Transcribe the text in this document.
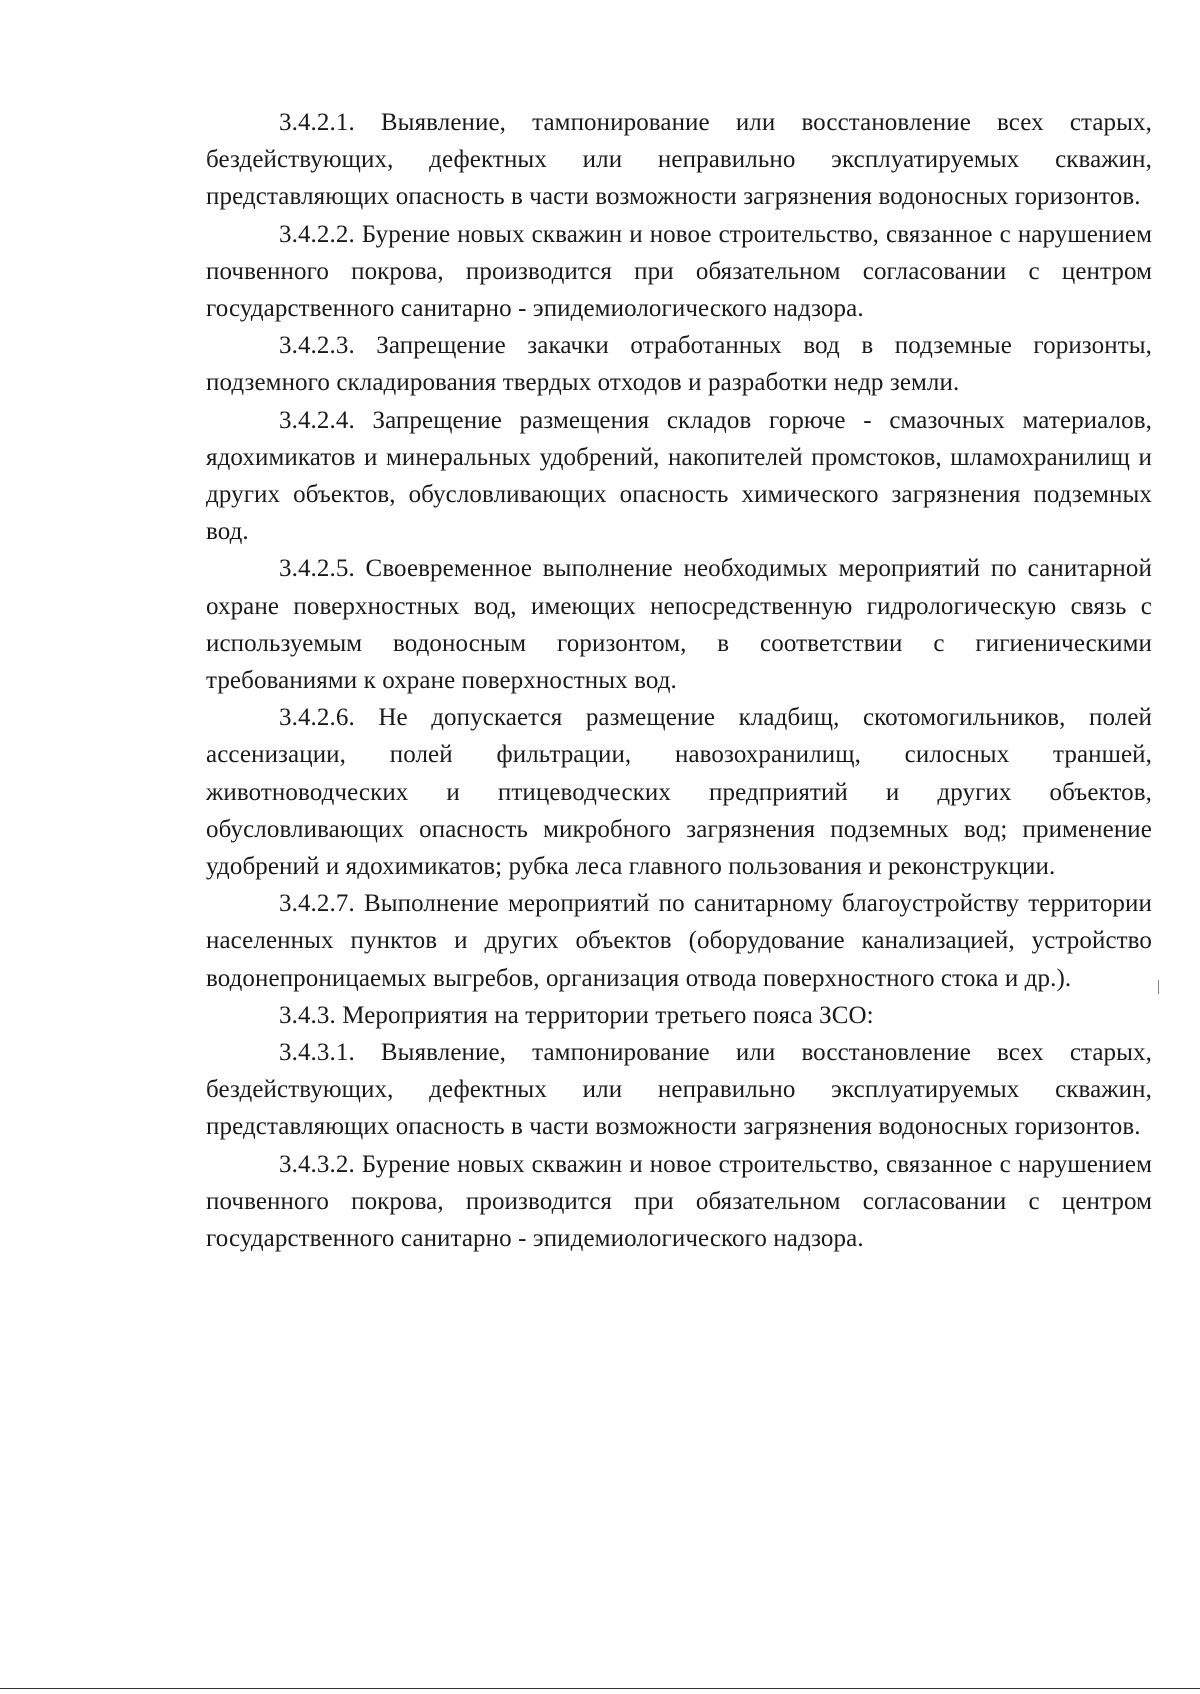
3.4.2.1. Выявление, тампонирование или восстановление всех старых, бездействующих, дефектных или неправильно эксплуатируемых скважин, представляющих опасность в части возможности загрязнения водоносных горизонтов.

3.4.2.2. Бурение новых скважин и новое строительство, связанное с нарушением почвенного покрова, производится при обязательном согласовании с центром государственного санитарно - эпидемиологического надзора.

3.4.2.3. Запрещение закачки отработанных вод в подземные горизонты, подземного складирования твердых отходов и разработки недр земли.

3.4.2.4. Запрещение размещения складов горюче - смазочных материалов, ядохимикатов и минеральных удобрений, накопителей промстоков, шламохранилищ и других объектов, обусловливающих опасность химического загрязнения подземных вод.

3.4.2.5. Своевременное выполнение необходимых мероприятий по санитарной охране поверхностных вод, имеющих непосредственную гидрологическую связь с используемым водоносным горизонтом, в соответствии с гигиеническими требованиями к охране поверхностных вод.

3.4.2.6. Не допускается размещение кладбищ, скотомогильников, полей ассенизации, полей фильтрации, навозохранилищ, силосных траншей, животноводческих и птицеводческих предприятий и других объектов, обусловливающих опасность микробного загрязнения подземных вод; применение удобрений и ядохимикатов; рубка леса главного пользования и реконструкции.

3.4.2.7. Выполнение мероприятий по санитарному благоустройству территории населенных пунктов и других объектов (оборудование канализацией, устройство водонепроницаемых выгребов, организация отвода поверхностного стока и др.).

3.4.3. Мероприятия на территории третьего пояса ЗСО:

3.4.3.1. Выявление, тампонирование или восстановление всех старых, бездействующих, дефектных или неправильно эксплуатируемых скважин, представляющих опасность в части возможности загрязнения водоносных горизонтов.

3.4.3.2. Бурение новых скважин и новое строительство, связанное с нарушением почвенного покрова, производится при обязательном согласовании с центром государственного санитарно - эпидемиологического надзора.
